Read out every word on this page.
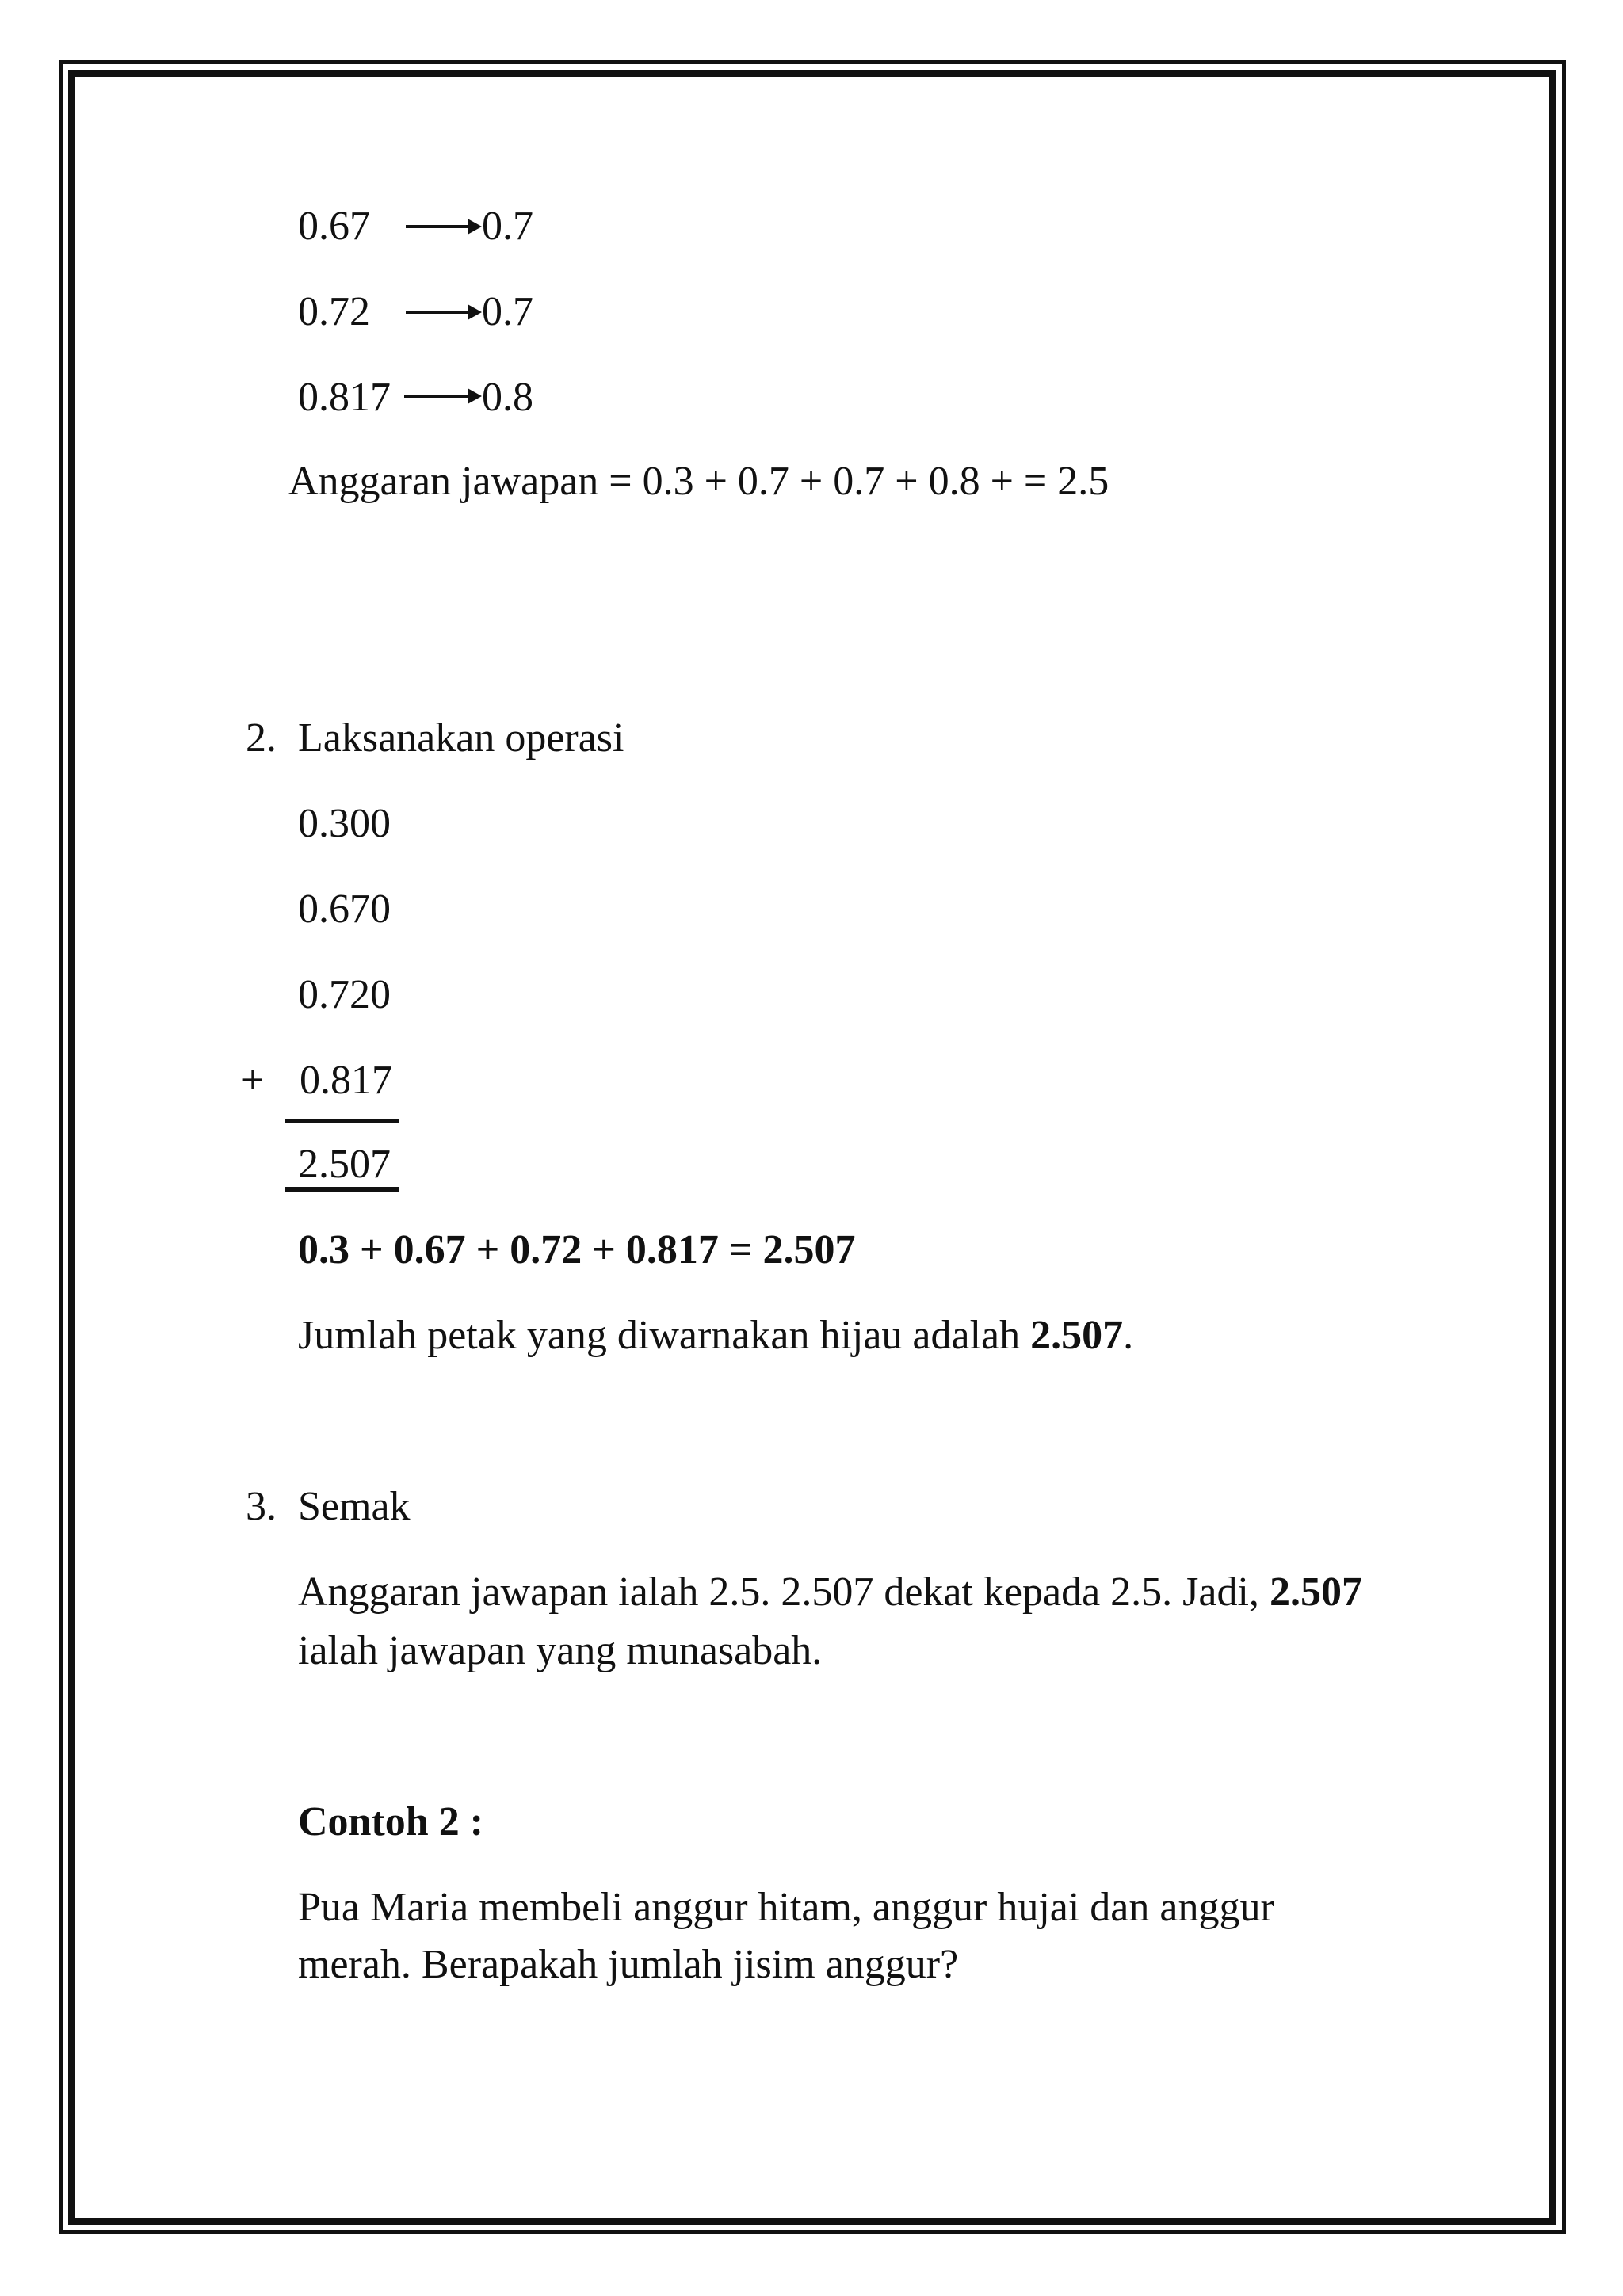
0.67	0.7
0.72	0.7
0.817 0.8
Anggaran jawapan = 0.3 + 0.7 + 0.7 + 0.8 + = 2.5
2. Laksanakan operasi
0.300
0.670
0.720
+ 0.817
2.507
0.3 + 0.67 + 0.72 + 0.817 = 2.507
Jumlah petak yang diwarnakan hijau adalah 2.507.
3. Semak
Anggaran jawapan ialah 2.5. 2.507 dekat kepada 2.5. Jadi, 2.507
ialah jawapan yang munasabah.
Contoh 2 :
Pua Maria membeli anggur hitam, anggur hujai dan anggur
merah. Berapakah jumlah jisim anggur?
